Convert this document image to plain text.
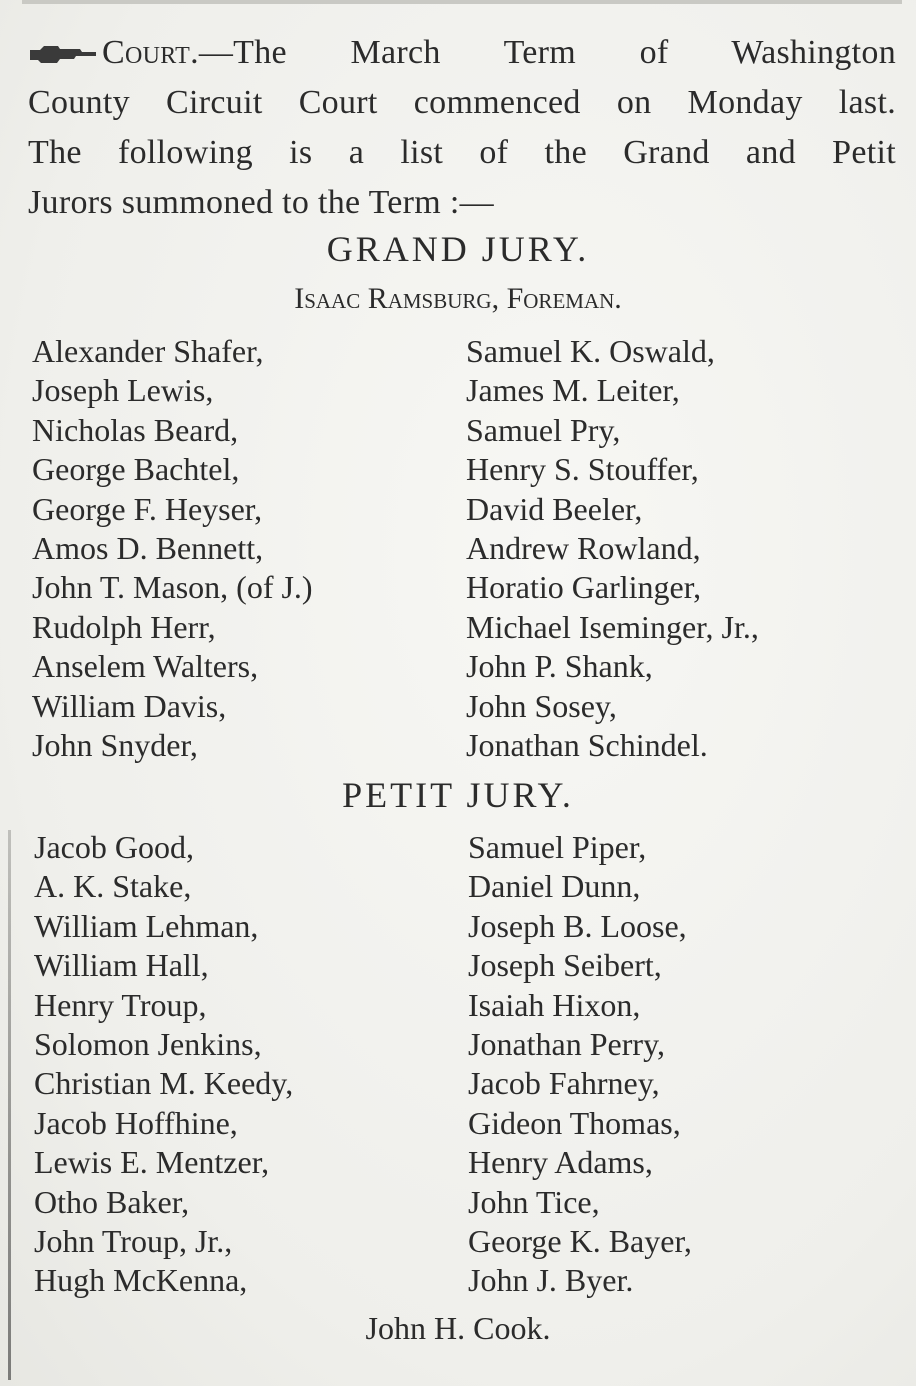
Court.—The March Term of Washington
County Circuit Court commenced on Monday last.
The following is a list of the Grand and Petit
Jurors summoned to the Term :—
GRAND JURY.
Isaac Ramsburg, Foreman.
Alexander Shafer,
Joseph Lewis,
Nicholas Beard,
George Bachtel,
George F. Heyser,
Amos D. Bennett,
John T. Mason, (of J.)
Rudolph Herr,
Anselem Walters,
William Davis,
John Snyder,
Samuel K. Oswald,
James M. Leiter,
Samuel Pry,
Henry S. Stouffer,
David Beeler,
Andrew Rowland,
Horatio Garlinger,
Michael Iseminger, Jr.,
John P. Shank,
John Sosey,
Jonathan Schindel.
PETIT JURY.
Jacob Good,
A. K. Stake,
William Lehman,
William Hall,
Henry Troup,
Solomon Jenkins,
Christian M. Keedy,
Jacob Hoffhine,
Lewis E. Mentzer,
Otho Baker,
John Troup, Jr.,
Hugh McKenna,
Samuel Piper,
Daniel Dunn,
Joseph B. Loose,
Joseph Seibert,
Isaiah Hixon,
Jonathan Perry,
Jacob Fahrney,
Gideon Thomas,
Henry Adams,
John Tice,
George K. Bayer,
John J. Byer.
John H. Cook.
